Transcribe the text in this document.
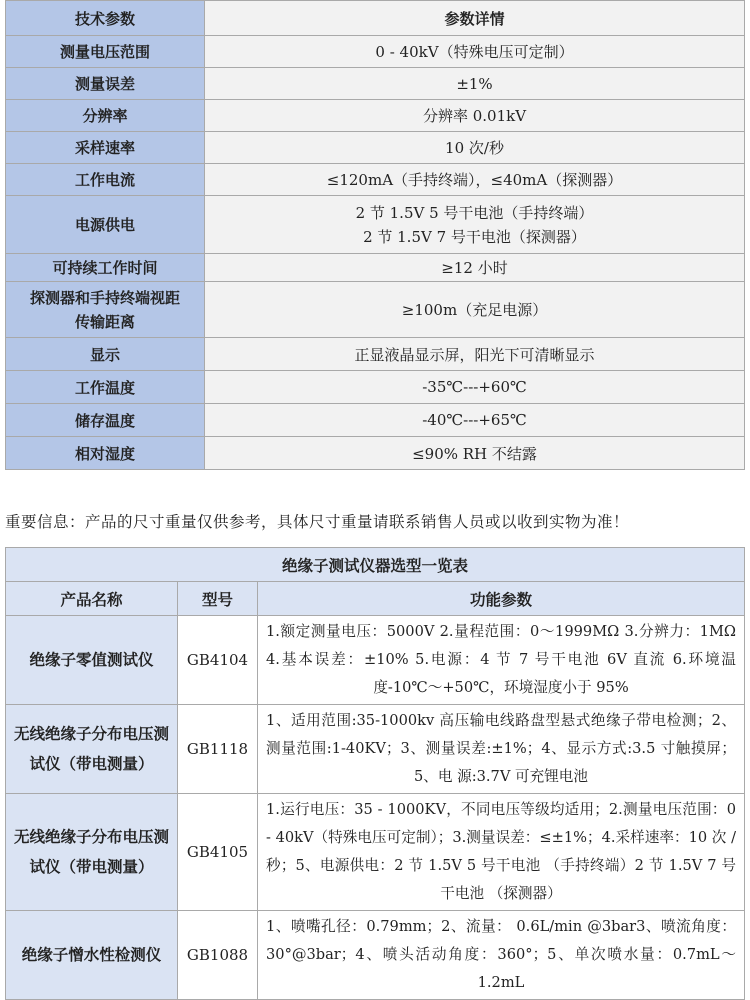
技术参数	参数详情
测量电压范围	0 - 40kV（特殊电压可定制）
测量误差	±1%
分辨率	分辨率 0.01kV
采样速率	10 次/秒
工作电流	≤120mA（手持终端），≤40mA（探测器）
电源供电	2 节 1.5V 5 号干电池（手持终端）
2 节 1.5V 7 号干电池（探测器）

可持续工作时间	≥12 小时

探测器和手持终端视距
传输距离	≥100m（充足电源）
显示	正显液晶显示屏，阳光下可清晰显示
工作温度	-35℃---+60℃
储存温度	-40℃---+65℃
相对湿度	≤90% RH 不结露
重要信息：产品的尺寸重量仅供参考，具体尺寸重量请联系销售人员或以收到实物为准！
绝缘子测试仪器选型一览表		
产品名称	型号	功能参数
绝缘子零值测试仪	GB4104	1.额定测量电压：5000V 2.量程范围：0～1999MΩ 3.分辨力：1MΩ 4.基本误差：±10% 5.电源：4 节 7 号干电池 6V 直流 6.环境温度-10℃～+50℃，环境湿度小于 95%
无线绝缘子分布电压测试仪（带电测量）	GB1118	1、适用范围:35-1000kv 高压输电线路盘型悬式绝缘子带电检测；2、测量范围:1-40KV；3、测量误差:±1%；4、显示方式:3.5 寸触摸屏；5、电 源:3.7V 可充锂电池
无线绝缘子分布电压测试仪（带电测量）	GB4105	1.运行电压：35 - 1000KV，不同电压等级均适用；2.测量电压范围：0 - 40kV（特殊电压可定制）；3.测量误差：≤±1%；4.采样速率：10 次 / 秒；5、电源供电：2 节 1.5V 5 号干电池 （手持终端）2 节 1.5V 7 号干电池 （探测器）
绝缘子憎水性检测仪	GB1088	1、喷嘴孔径：0.79mm；2、流量： 0.6L/min @3bar3、喷流角度：30°@3bar；4、喷头活动角度：360°；5、单次喷水量：0.7mL～1.2mL
